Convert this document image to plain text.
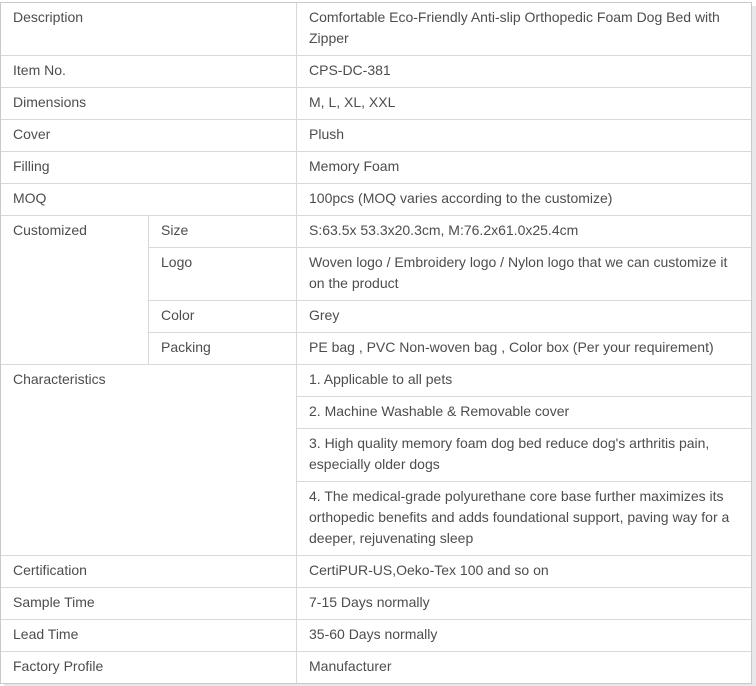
Description	Comfortable Eco-Friendly Anti-slip Orthopedic Foam Dog Bed with Zipper
Item No.	CPS-DC-381
Dimensions	M, L, XL, XXL
Cover	Plush
Filling	Memory Foam
MOQ	100pcs (MOQ varies according to the customize)
Customized	Size	S:63.5x 53.3x20.3cm, M:76.2x61.0x25.4cm
Logo	Woven logo / Embroidery logo / Nylon logo that we can customize it on the product
Color	Grey
Packing	PE bag , PVC Non-woven bag , Color box (Per your requirement)
Characteristics	1. Applicable to all pets
2. Machine Washable & Removable cover
3. High quality memory foam dog bed reduce dog's arthritis pain, especially older dogs
4. The medical-grade polyurethane core base further maximizes its orthopedic benefits and adds foundational support, paving way for a deeper, rejuvenating sleep
Certification	CertiPUR-US,Oeko-Tex 100 and so on
Sample Time	7-15 Days normally
Lead Time	35-60 Days normally
Factory Profile	Manufacturer
